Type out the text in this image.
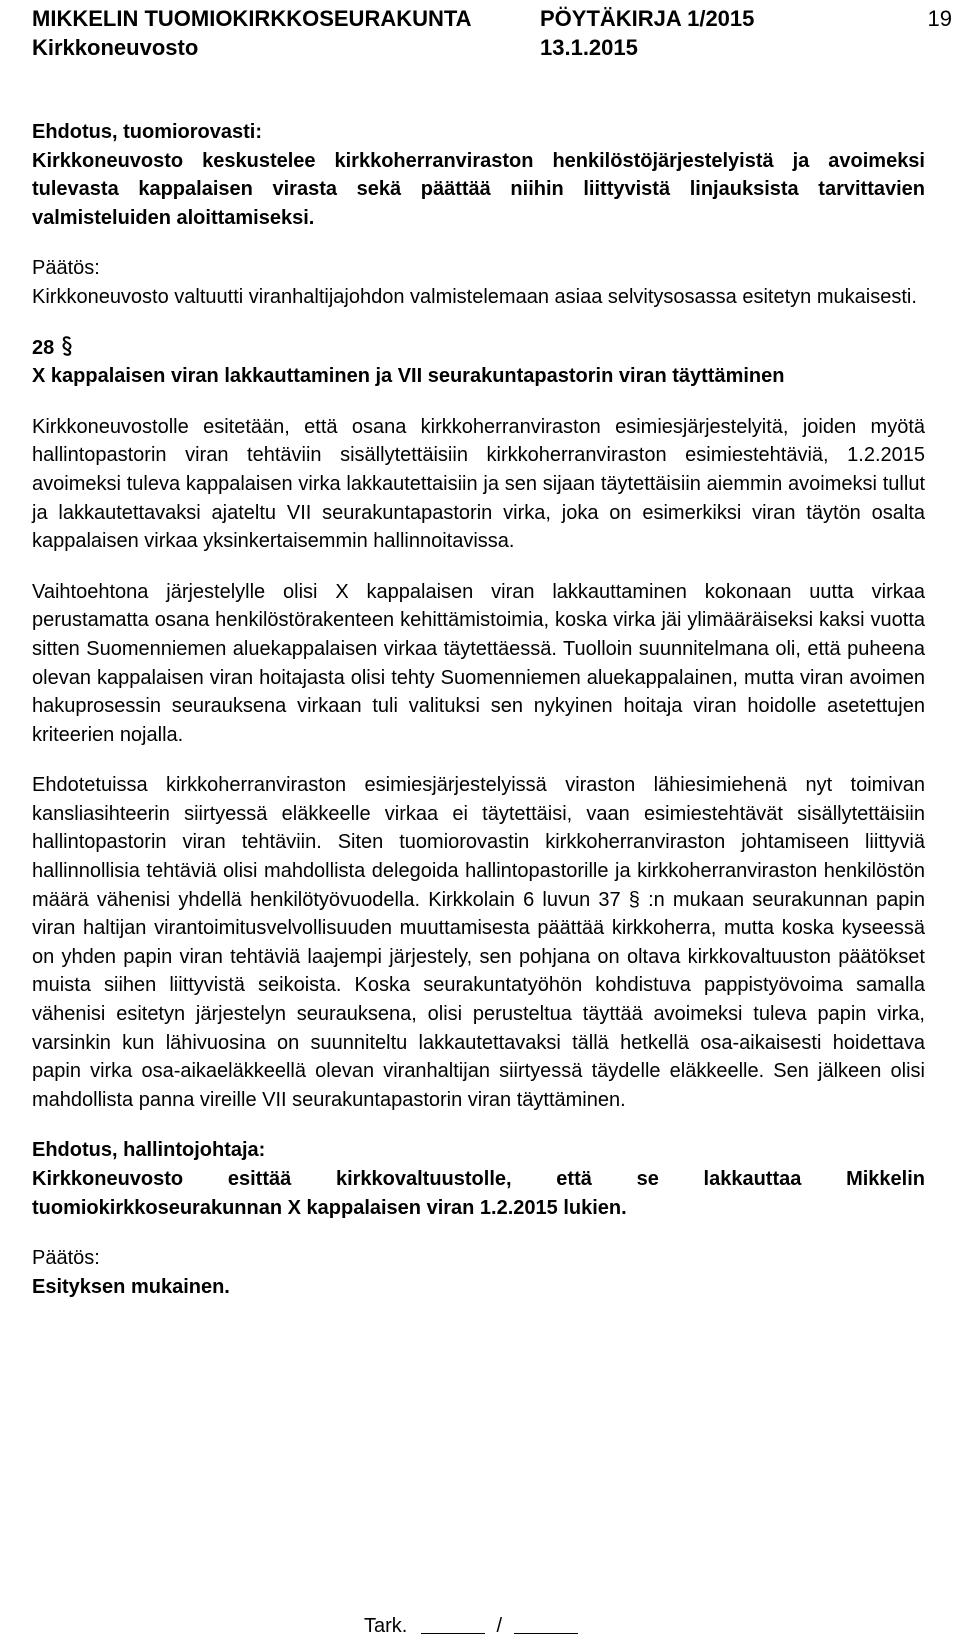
MIKKELIN TUOMIOKIRKKOSEURAKUNTA
Kirkkoneuvosto
PÖYTÄKIRJA 1/2015
13.1.2015
19

Ehdotus, tuomiorovasti:

Kirkkoneuvosto keskustelee kirkkoherranviraston henkilöstöjärjestelyistä ja avoimeksi tulevasta kappalaisen virasta sekä päättää niihin liittyvistä linjauksista tarvittavien valmisteluiden aloittamiseksi.

Päätös:

Kirkkoneuvosto valtuutti viranhaltijajohdon valmistelemaan asiaa selvitysosassa esitetyn mukaisesti.

28

X kappalaisen viran lakkauttaminen ja VII seurakuntapastorin viran täyttäminen

Kirkkoneuvostolle esitetään, että osana kirkkoherranviraston esimiesjärjestelyitä, joiden myötä hallintopastorin viran tehtäviin sisällytettäisiin kirkkoherranviraston esimiestehtäviä, 1.2.2015 avoimeksi tuleva kappalaisen virka lakkautettaisiin ja sen sijaan täytettäisiin aiemmin avoimeksi tullut ja lakkautettavaksi ajateltu VII seurakuntapastorin virka, joka on esimerkiksi viran täytön osalta kappalaisen virkaa yksinkertaisemmin hallinnoitavissa.

Vaihtoehtona järjestelylle olisi X kappalaisen viran lakkauttaminen kokonaan uutta virkaa perustamatta osana henkilöstörakenteen kehittämistoimia, koska virka jäi ylimääräiseksi kaksi vuotta sitten Suomenniemen aluekappalaisen virkaa täytettäessä. Tuolloin suunnitelmana oli, että puheena olevan kappalaisen viran hoitajasta olisi tehty Suomenniemen aluekappalainen, mutta viran avoimen hakuprosessin seurauksena virkaan tuli valituksi sen nykyinen hoitaja viran hoidolle asetettujen kriteerien nojalla.

Ehdotetuissa kirkkoherranviraston esimiesjärjestelyissä viraston lähiesimiehenä nyt toimivan kansliasihteerin siirtyessä eläkkeelle virkaa ei täytettäisi, vaan esimiestehtävät sisällytettäisiin hallintopastorin viran tehtäviin. Siten tuomiorovastin kirkkoherranviraston johtamiseen liittyviä hallinnollisia tehtäviä olisi mahdollista delegoida hallintopastorille ja kirkkoherranviraston henkilöstön määrä vähenisi yhdellä henkilötyövuodella. Kirkkolain 6 luvun 37 § :n mukaan seurakunnan papin viran haltijan virantoimitusvelvollisuuden muuttamisesta päättää kirkkoherra, mutta koska kyseessä on yhden papin viran tehtäviä laajempi järjestely, sen pohjana on oltava kirkkovaltuuston päätökset muista siihen liittyvistä seikoista. Koska seurakuntatyöhön kohdistuva pappistyövoima samalla vähenisi esitetyn järjestelyn seurauksena, olisi perusteltua täyttää avoimeksi tuleva papin virka, varsinkin kun lähivuosina on suunniteltu lakkautettavaksi tällä hetkellä osa-aikaisesti hoidettava papin virka osa-aikaeläkkeellä olevan viranhaltijan siirtyessä täydelle eläkkeelle. Sen jälkeen olisi mahdollista panna vireille VII seurakuntapastorin viran täyttäminen.

Ehdotus, hallintojohtaja:

Kirkkoneuvosto esittää kirkkovaltuustolle, että se lakkauttaa Mikkelin tuomiokirkkoseurakunnan X kappalaisen viran 1.2.2015 lukien.

Päätös:

Esityksen mukainen.

Tark.	/
